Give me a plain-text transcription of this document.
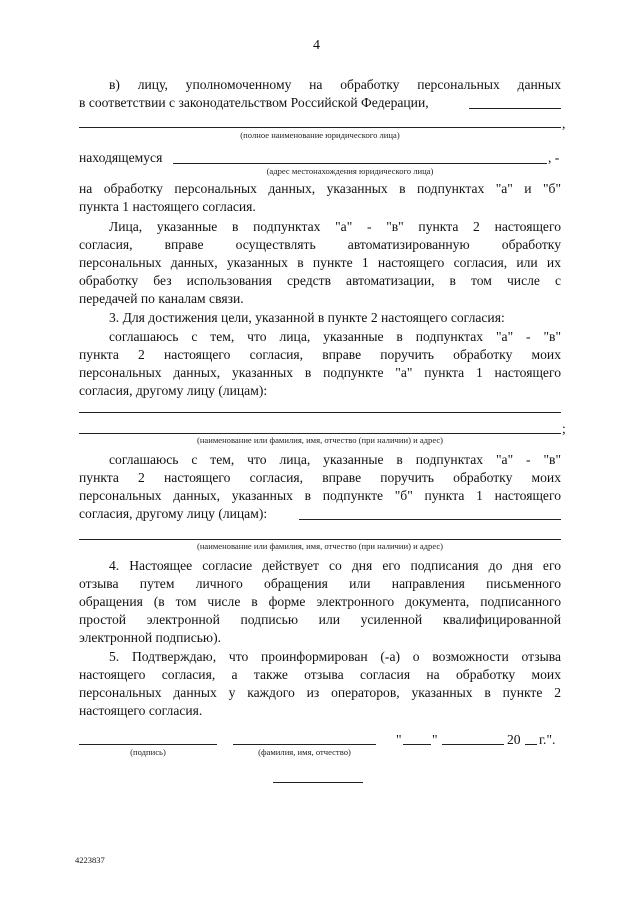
4
в) лицу, уполномоченному на обработку персональных данных
в соответствии с законодательством Российской Федерации,
,
(полное наименование юридического лица)
находящемуся	, -
(адрес местонахождения юридического лица)
на обработку персональных данных, указанных в подпунктах "а" и "б"
пункта 1 настоящего согласия.
Лица, указанные в подпунктах "а" - "в" пункта 2 настоящего
согласия, вправе осуществлять автоматизированную обработку
персональных данных, указанных в пункте 1 настоящего согласия, или их
обработку без использования средств автоматизации, в том числе с
передачей по каналам связи.
3. Для достижения цели, указанной в пункте 2 настоящего согласия:
соглашаюсь с тем, что лица, указанные в подпунктах "а" - "в"
пункта 2 настоящего согласия, вправе поручить обработку моих
персональных данных, указанных в подпункте "а" пункта 1 настоящего
согласия, другому лицу (лицам):
;
(наименование или фамилия, имя, отчество (при наличии) и адрес)
соглашаюсь с тем, что лица, указанные в подпунктах "а" - "в"
пункта 2 настоящего согласия, вправе поручить обработку моих
персональных данных, указанных в подпункте "б" пункта 1 настоящего
согласия, другому лицу (лицам):
(наименование или фамилия, имя, отчество (при наличии) и адрес)
4. Настоящее согласие действует со дня его подписания до дня его
отзыва путем личного обращения или направления письменного
обращения (в том числе в форме электронного документа, подписанного
простой электронной подписью или усиленной квалифицированной
электронной подписью).
5. Подтверждаю, что проинформирован (-а) о возможности отзыва
настоящего согласия, а также отзыва согласия на обработку моих
персональных данных у каждого из операторов, указанных в пункте 2
настоящего согласия.
(подпись)	(фамилия, имя, отчество)
" "	20 г.".
4223837
